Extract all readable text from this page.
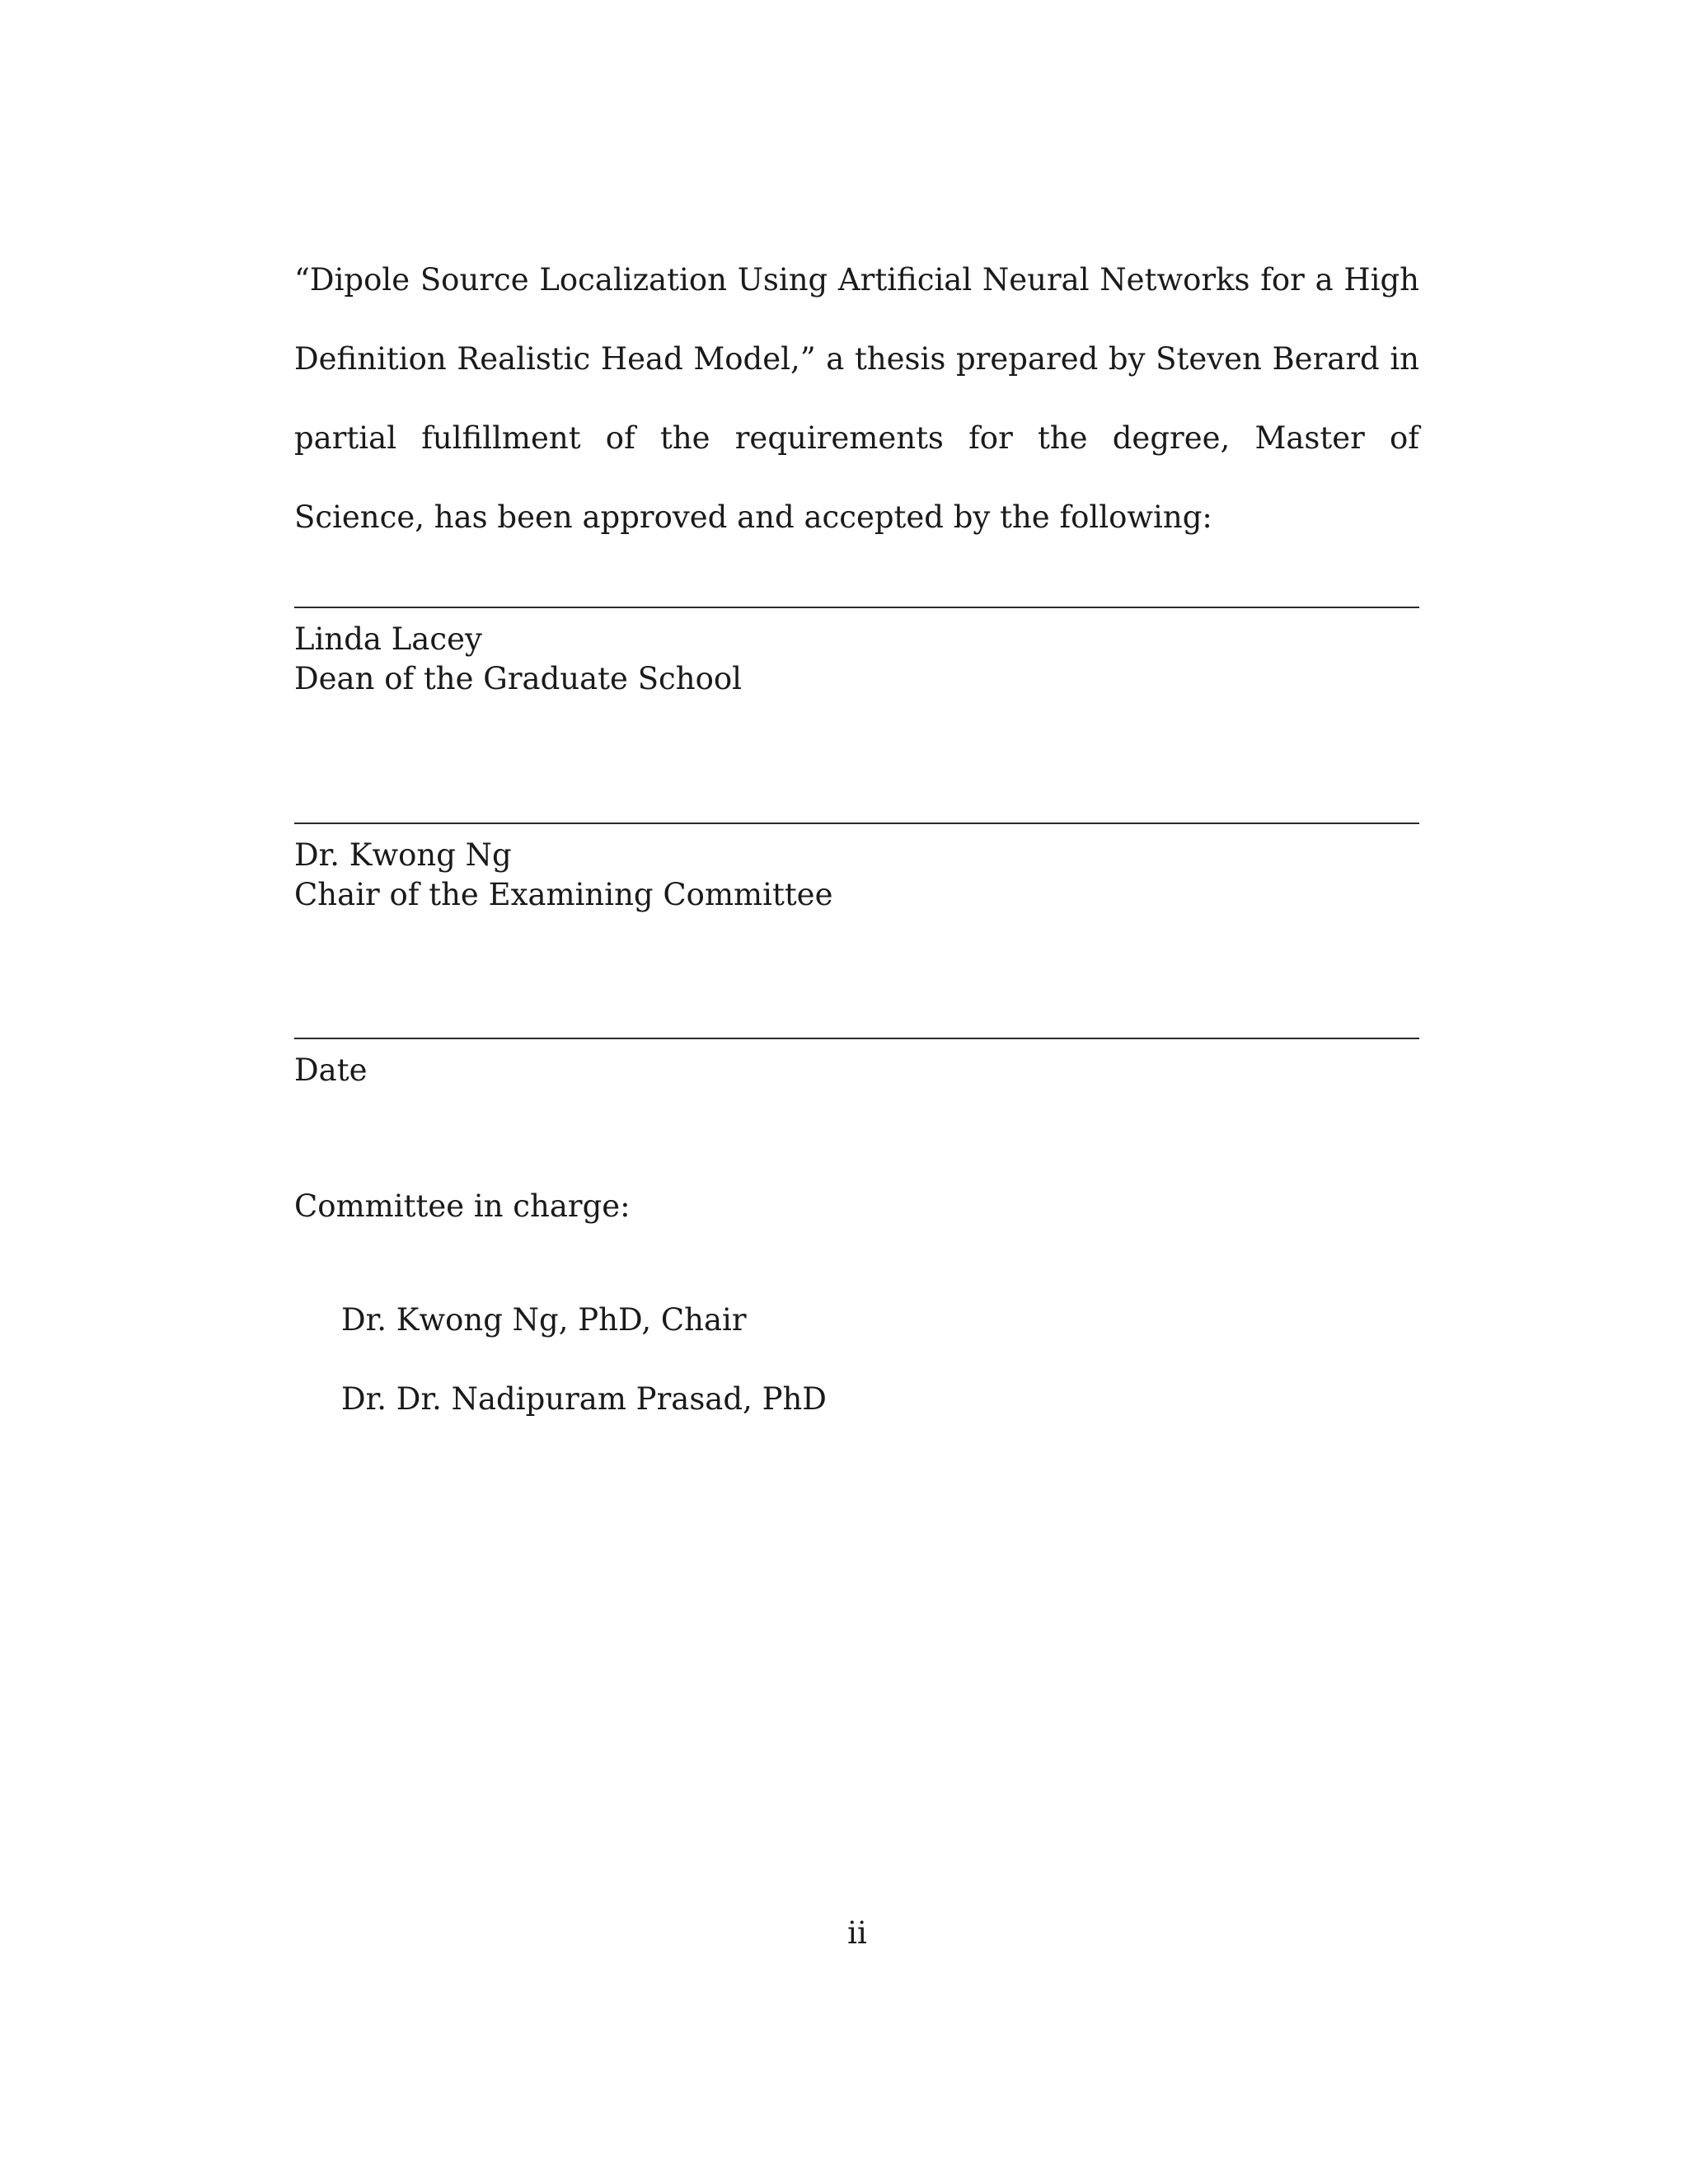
“Dipole Source Localization Using Artificial Neural Networks for a High Definition Realistic Head Model,” a thesis prepared by Steven Berard in partial fulfillment of the requirements for the degree, Master of Science, has been approved and accepted by the following:

Linda Lacey

Dean of the Graduate School

Dr. Kwong Ng

Chair of the Examining Committee

Date

Committee in charge:

Dr. Kwong Ng, PhD, Chair
Dr. Dr. Nadipuram Prasad, PhD

ii
